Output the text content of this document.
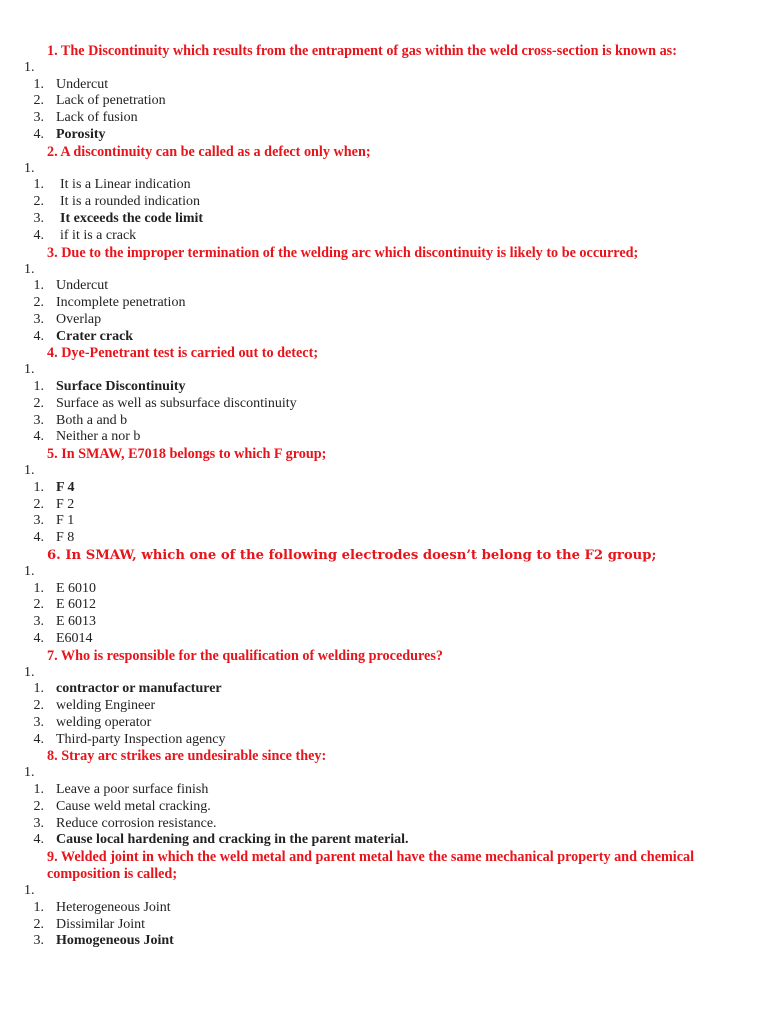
1. The Discontinuity which results from the entrapment of gas within the weld cross-section is known as:
1.
1. Undercut
2. Lack of penetration
3. Lack of fusion
4. Porosity
2. A discontinuity can be called as a defect only when;
1.
1. It is a Linear indication
2. It is a rounded indication
3. It exceeds the code limit
4. if it is a crack
3. Due to the improper termination of the welding arc which discontinuity is likely to be occurred;
1.
1. Undercut
2. Incomplete penetration
3. Overlap
4. Crater crack
4. Dye-Penetrant test is carried out to detect;
1.
1. Surface Discontinuity
2. Surface as well as subsurface discontinuity
3. Both a and b
4. Neither a nor b
5. In SMAW, E7018 belongs to which F group;
1.
1. F 4
2. F 2
3. F 1
4. F 8
6. In SMAW, which one of the following electrodes doesn’t belong to the F2 group;
1.
1. E 6010
2. E 6012
3. E 6013
4. E6014
7. Who is responsible for the qualification of welding procedures?
1.
1. contractor or manufacturer
2. welding Engineer
3. welding operator
4. Third-party Inspection agency
8. Stray arc strikes are undesirable since they:
1.
1. Leave a poor surface finish
2. Cause weld metal cracking.
3. Reduce corrosion resistance.
4. Cause local hardening and cracking in the parent material.
9. Welded joint in which the weld metal and parent metal have the same mechanical property and chemical composition is called;
1.
1. Heterogeneous Joint
2. Dissimilar Joint
3. Homogeneous Joint
